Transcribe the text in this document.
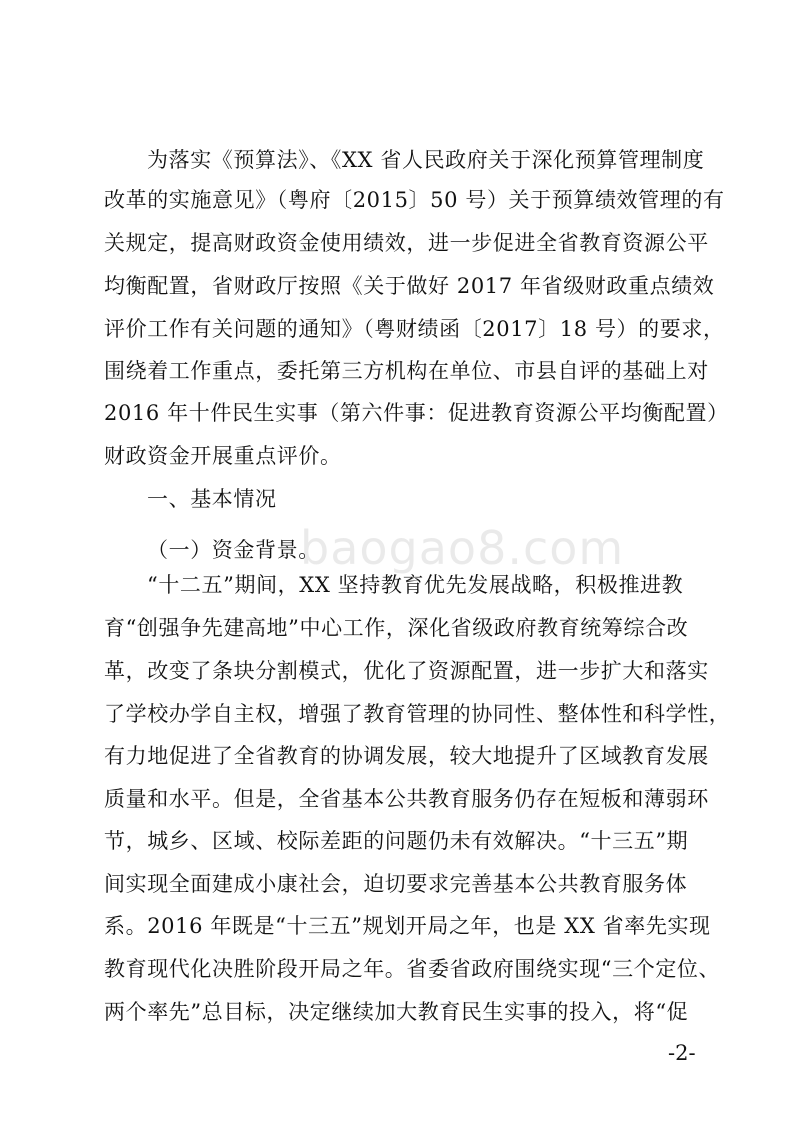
为落实《预算法》、《XX 省人民政府关于深化预算管理制度
改革的实施意见》（粤府〔2015〕50 号）关于预算绩效管理的有
关规定，提高财政资金使用绩效，进一步促进全省教育资源公平
均衡配置，省财政厅按照《关于做好 2017 年省级财政重点绩效
评价工作有关问题的通知》（粤财绩函〔2017〕18 号）的要求，
围绕着工作重点，委托第三方机构在单位、市县自评的基础上对
2016 年十件民生实事（第六件事：促进教育资源公平均衡配置）
财政资金开展重点评价。
一、基本情况
（一）资金背景。
“十二五”期间，XX 坚持教育优先发展战略，积极推进教
育“创强争先建高地”中心工作，深化省级政府教育统筹综合改
革，改变了条块分割模式，优化了资源配置，进一步扩大和落实
了学校办学自主权，增强了教育管理的协同性、整体性和科学性，
有力地促进了全省教育的协调发展，较大地提升了区域教育发展
质量和水平。但是，全省基本公共教育服务仍存在短板和薄弱环
节，城乡、区域、校际差距的问题仍未有效解决。“十三五”期
间实现全面建成小康社会，迫切要求完善基本公共教育服务体
系。2016 年既是“十三五”规划开局之年，也是 XX 省率先实现
教育现代化决胜阶段开局之年。省委省政府围绕实现“三个定位、
两个率先”总目标，决定继续加大教育民生实事的投入，将“促
baogao8.com
-2-
